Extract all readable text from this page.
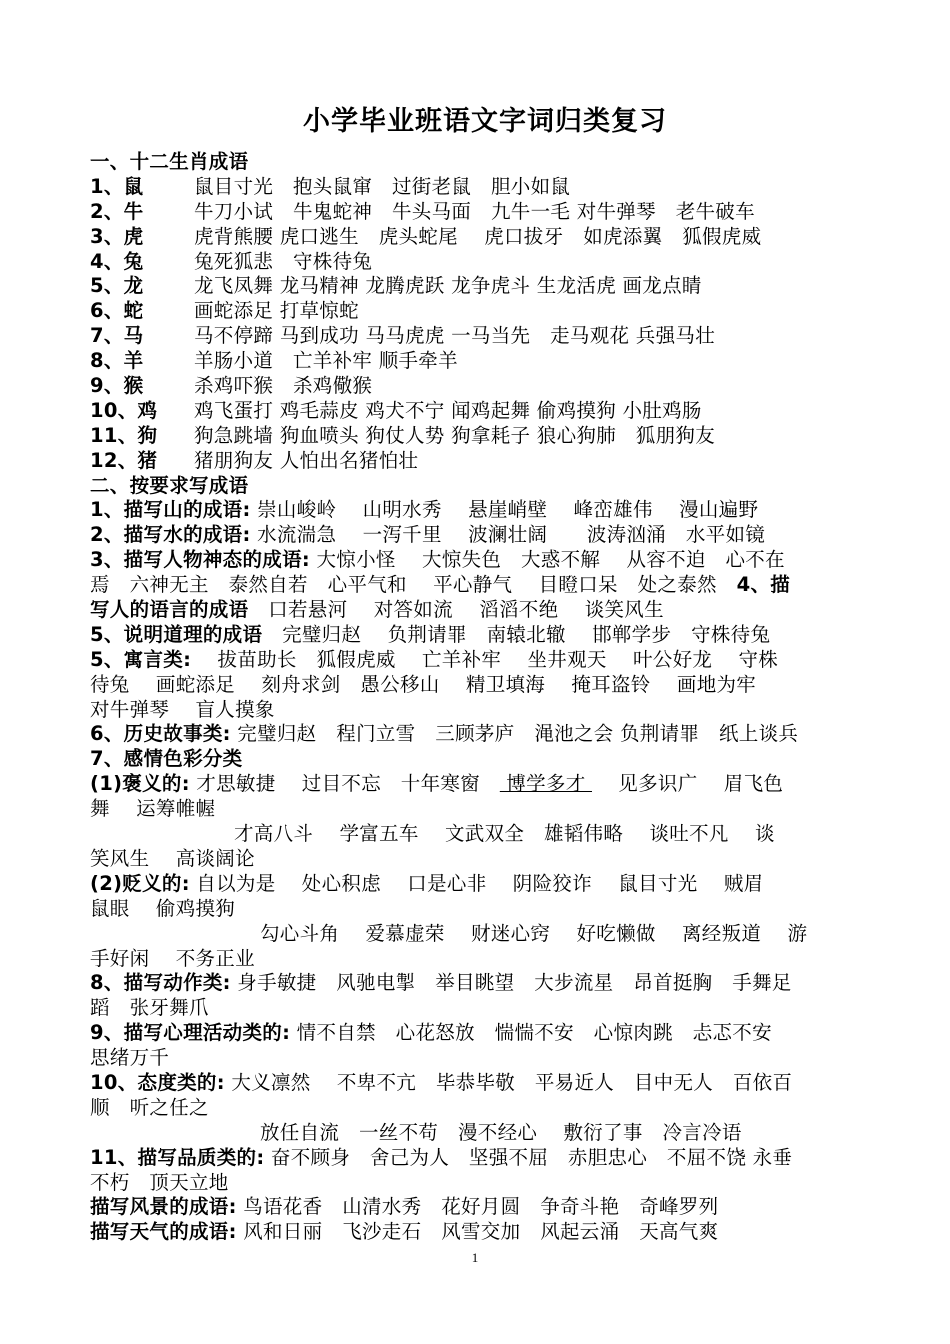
小学毕业班语文字词归类复习
一、十二生肖成语
1、鼠	鼠目寸光　抱头鼠窜　过街老鼠　胆小如鼠
2、牛	牛刀小试　牛鬼蛇神　牛头马面　九牛一毛 对牛弹琴　老牛破车
3、虎	虎背熊腰 虎口逃生　虎头蛇尾　 虎口拔牙　如虎添翼　狐假虎威
4、兔	兔死狐悲　守株待兔
5、龙	龙飞凤舞 龙马精神 龙腾虎跃 龙争虎斗 生龙活虎 画龙点睛
6、蛇	画蛇添足 打草惊蛇
7、马	马不停蹄 马到成功 马马虎虎 一马当先　走马观花 兵强马壮
8、羊	羊肠小道　亡羊补牢 顺手牵羊
9、猴	杀鸡吓猴　杀鸡儆猴
10、鸡 鸡飞蛋打 鸡毛蒜皮 鸡犬不宁 闻鸡起舞 偷鸡摸狗 小肚鸡肠
11、狗 狗急跳墙 狗血喷头 狗仗人势 狗拿耗子 狼心狗肺　狐朋狗友
12、猪 猪朋狗友 人怕出名猪怕壮
二、按要求写成语
1、描写山的成语: 崇山峻岭　 山明水秀　 悬崖峭壁　 峰峦雄伟　 漫山遍野
2、描写水的成语: 水流湍急　 一泻千里　 波澜壮阔　　波涛汹涌　水平如镜
3、描写人物神态的成语: 大惊小怪　 大惊失色　大惑不解　 从容不迫　心不在
焉　六神无主　泰然自若　心平气和　 平心静气　 目瞪口呆　处之泰然　 4、描
写人的语言的成语　口若悬河　 对答如流　 滔滔不绝　 谈笑风生
5、说明道理的成语　完璧归赵　 负荆请罪　南辕北辙　 邯郸学步　守株待兔
5、寓言类:　 拔苗助长　狐假虎威　 亡羊补牢　 坐井观天　 叶公好龙　 守株
待兔　 画蛇添足　 刻舟求剑　愚公移山　 精卫填海　 掩耳盗铃　 画地为牢
对牛弹琴　 盲人摸象
6、历史故事类: 完璧归赵　程门立雪　三顾茅庐　渑池之会 负荆请罪　纸上谈兵
7、感情色彩分类
(1)褒义的: 才思敏捷　 过目不忘　十年寒窗　 博学多才 　 见多识广　 眉飞色
舞　 运筹帷幄
才高八斗　 学富五车　 文武双全　雄韬伟略　 谈吐不凡　 谈
笑风生　 高谈阔论
(2)贬义的: 自以为是　 处心积虑　 口是心非　 阴险狡诈　 鼠目寸光　 贼眉
鼠眼　 偷鸡摸狗
勾心斗角　 爱慕虚荣　 财迷心窍　 好吃懒做　 离经叛道　 游
手好闲　 不务正业
8、描写动作类: 身手敏捷　风驰电掣　举目眺望　大步流星　昂首挺胸　手舞足
蹈　张牙舞爪
9、描写心理活动类的: 情不自禁　心花怒放　惴惴不安　心惊肉跳　忐忑不安
思绪万千
10、态度类的: 大义凛然　 不卑不亢　毕恭毕敬　平易近人　目中无人　百依百
顺　听之任之
放任自流　一丝不苟　漫不经心　 敷衍了事　冷言冷语
11、描写品质类的: 奋不顾身　舍己为人　坚强不屈　赤胆忠心　不屈不饶 永垂
不朽　顶天立地
描写风景的成语: 鸟语花香　山清水秀　花好月圆　争奇斗艳　奇峰罗列
描写天气的成语: 风和日丽　飞沙走石　风雪交加　风起云涌　天高气爽
1
